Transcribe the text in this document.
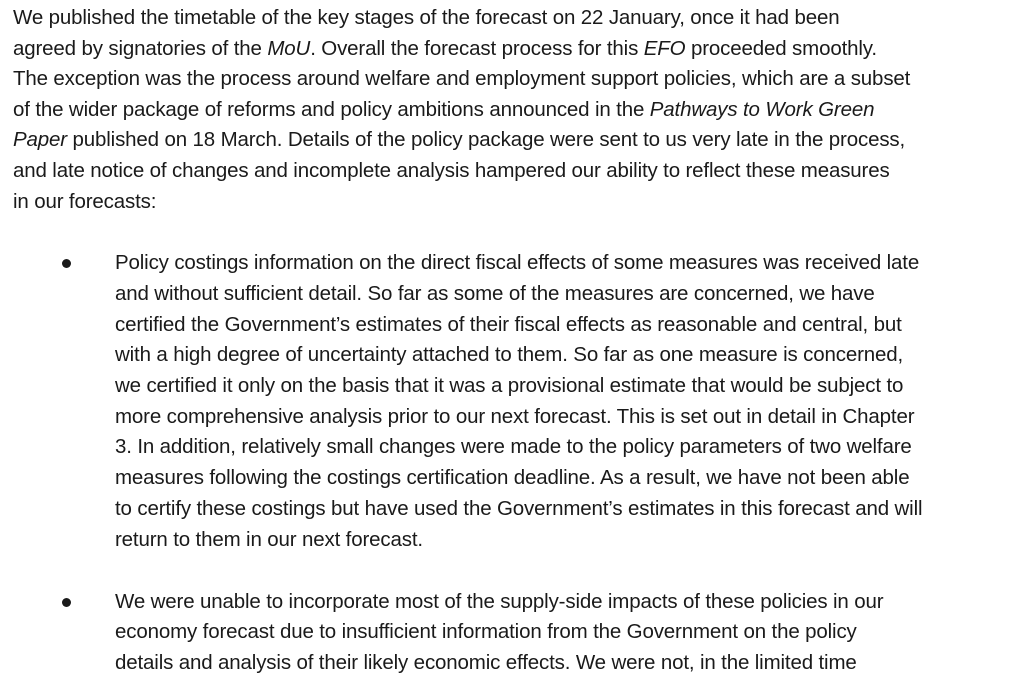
We published the timetable of the key stages of the forecast on 22 January, once it had been
agreed by signatories of the MoU. Overall the forecast process for this EFO proceeded smoothly.
The exception was the process around welfare and employment support policies, which are a subset
of the wider package of reforms and policy ambitions announced in the Pathways to Work Green
Paper published on 18 March. Details of the policy package were sent to us very late in the process,
and late notice of changes and incomplete analysis hampered our ability to reflect these measures
in our forecasts:
Policy costings information on the direct fiscal effects of some measures was received late
and without sufficient detail. So far as some of the measures are concerned, we have
certified the Government’s estimates of their fiscal effects as reasonable and central, but
with a high degree of uncertainty attached to them. So far as one measure is concerned,
we certified it only on the basis that it was a provisional estimate that would be subject to
more comprehensive analysis prior to our next forecast. This is set out in detail in Chapter
3. In addition, relatively small changes were made to the policy parameters of two welfare
measures following the costings certification deadline. As a result, we have not been able
to certify these costings but have used the Government’s estimates in this forecast and will
return to them in our next forecast.
We were unable to incorporate most of the supply-side impacts of these policies in our
economy forecast due to insufficient information from the Government on the policy
details and analysis of their likely economic effects. We were not, in the limited time
